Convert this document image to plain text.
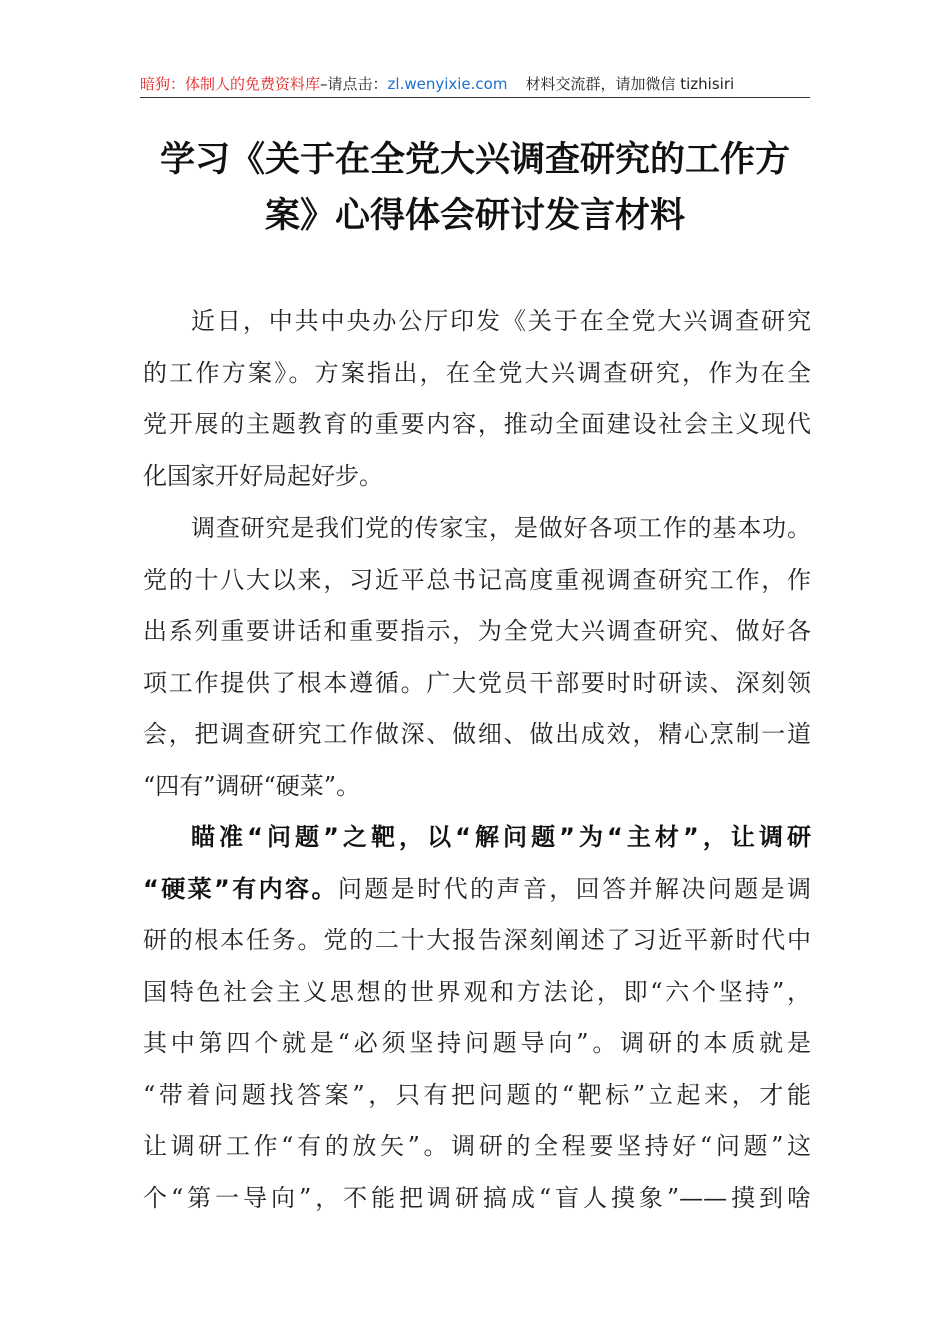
暗狗：体制人的免费资料库–请点击：zl.wenyixie.com 材料交流群，请加微信 tizhisiri
学习《关于在全党大兴调查研究的工作方
案》心得体会研讨发言材料
近日，中共中央办公厅印发《关于在全党大兴调查研究
的工作方案》。方案指出，在全党大兴调查研究，作为在全
党开展的主题教育的重要内容，推动全面建设社会主义现代
化国家开好局起好步。
调查研究是我们党的传家宝，是做好各项工作的基本功。
党的十八大以来，习近平总书记高度重视调查研究工作，作
出系列重要讲话和重要指示，为全党大兴调查研究、做好各
项工作提供了根本遵循。广大党员干部要时时研读、深刻领
会，把调查研究工作做深、做细、做出成效，精心烹制一道
“四有”调研“硬菜”。
瞄准“问题”之靶，以“解问题”为“主材”，让调研
“硬菜”有内容。问题是时代的声音，回答并解决问题是调
研的根本任务。党的二十大报告深刻阐述了习近平新时代中
国特色社会主义思想的世界观和方法论，即“六个坚持”，
其中第四个就是“必须坚持问题导向”。调研的本质就是
“带着问题找答案”，只有把问题的“靶标”立起来，才能
让调研工作“有的放矢”。调研的全程要坚持好“问题”这
个“第一导向”，不能把调研搞成“盲人摸象”——摸到啥
